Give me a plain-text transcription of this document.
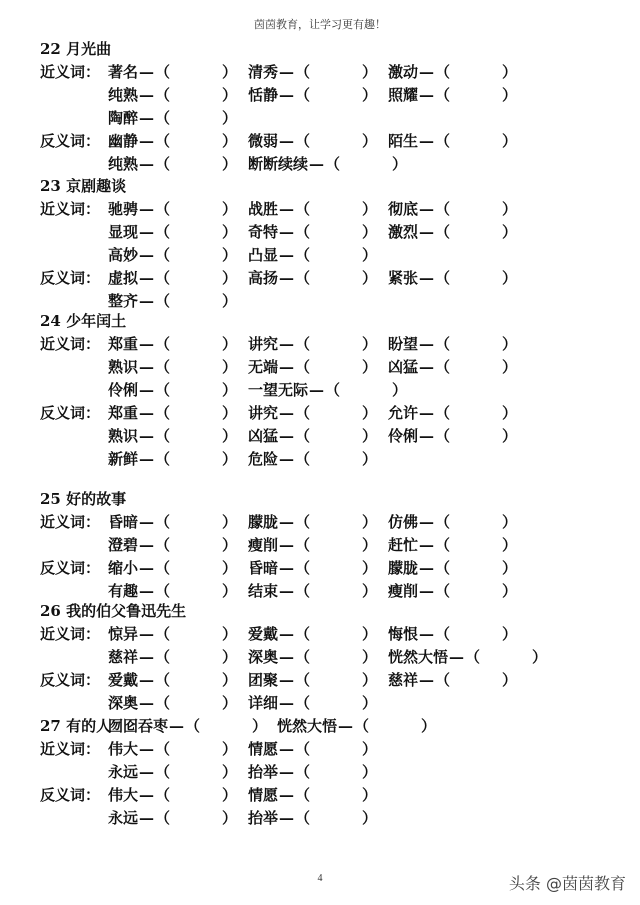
茵茵教育，让学习更有趣！
22 月光曲
近义词： 著名—（	） 清秀—（	） 激动—（	）
纯熟—（	） 恬静—（	） 照耀—（	）
陶醉—（	）
反义词： 幽静—（	） 微弱—（	） 陌生—（	）
纯熟—（	） 断断续续—（	）
23 京剧趣谈
近义词： 驰骋—（	） 战胜—（	） 彻底—（	）
显现—（	） 奇特—（	） 激烈—（	）
高妙—（	） 凸显—（	）
反义词： 虚拟—（	） 高扬—（	） 紧张—（	）
整齐—（	）
24 少年闰土
近义词： 郑重—（	） 讲究—（	） 盼望—（	）
熟识—（	） 无端—（	） 凶猛—（	）
伶俐—（	） 一望无际—（	）
反义词： 郑重—（	） 讲究—（	） 允许—（	）
熟识—（	） 凶猛—（	） 伶俐—（	）
新鲜—（	） 危险—（	）
25 好的故事
近义词： 昏暗—（	） 朦胧—（	） 仿佛—（	）
澄碧—（	） 瘦削—（	） 赶忙—（	）
反义词： 缩小—（	） 昏暗—（	） 朦胧—（	）
有趣—（	） 结束—（	） 瘦削—（	）
26 我的伯父鲁迅先生
近义词： 惊异—（	） 爱戴—（	） 悔恨—（	）
慈祥—（	） 深奥—（	） 恍然大悟—（	）
反义词： 爱戴—（	） 团聚—（	） 慈祥—（	）
深奥—（	） 详细—（	）
囫囵吞枣—（	） 恍然大悟—（	）
27 有的人
近义词： 伟大—（	） 情愿—（	）
永远—（	） 抬举—（	）
反义词： 伟大—（	） 情愿—（	）
永远—（	） 抬举—（	）
4	头条 @茵茵教育
